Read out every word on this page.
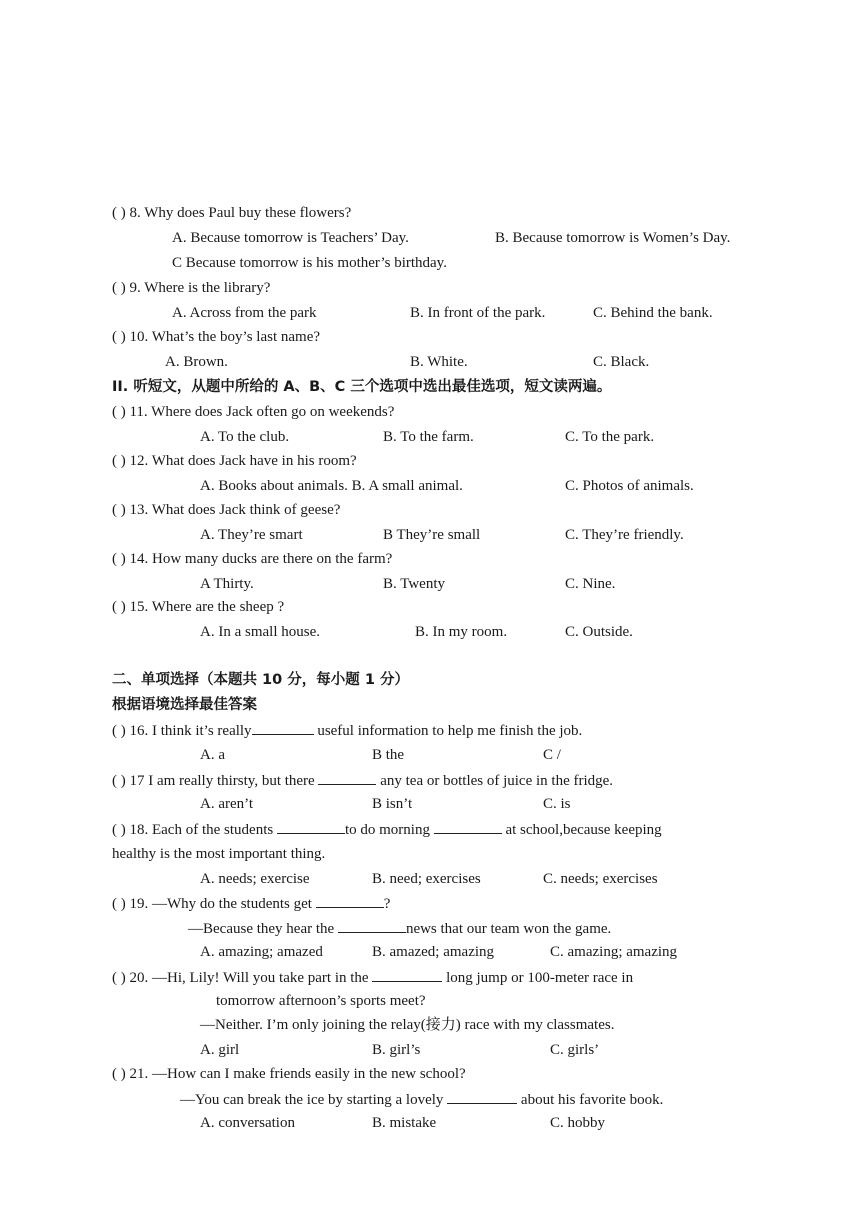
( ) 8. Why does Paul buy these flowers?
A. Because tomorrow is Teachers’ Day.	B. Because tomorrow is Women’s Day.
C Because tomorrow is his mother’s birthday.
( ) 9. Where is the library?
A. Across from the park	B. In front of the park.	C. Behind the bank.
( ) 10. What’s the boy’s last name?
A. Brown.	B. White.	C. Black.
II. 听短文，从题中所给的 A、B、C 三个选项中选出最佳选项，短文读两遍。
( ) 11. Where does Jack often go on weekends?
A. To the club.	B. To the farm.	C. To the park.
( ) 12. What does Jack have in his room?
A. Books about animals. B. A small animal.	C. Photos of animals.
( ) 13. What does Jack think of geese?
A. They’re smart	B They’re small	C. They’re friendly.
( ) 14. How many ducks are there on the farm?
A Thirty.	B. Twenty	C. Nine.
( ) 15. Where are the sheep ?
A. In a small house.	B. In my room.	C. Outside.
二、单项选择（本题共 10 分，每小题 1 分）
根据语境选择最佳答案
( ) 16. I think it’s really	useful information to help me finish the job.
A. a	B the	C /
( ) 17 I am really thirsty, but there	any tea or bottles of juice in the fridge.
A. aren’t	B isn’t	C. is
( ) 18. Each of the students	to do morning	at school,because keeping
healthy is the most important thing.
A. needs; exercise	B. need; exercises	C. needs; exercises
( ) 19. —Why do the students get	?
—Because they hear the	news that our team won the game.
A. amazing; amazed	B. amazed; amazing	C. amazing; amazing
( ) 20. —Hi, Lily! Will you take part in the	long jump or 100-meter race in
tomorrow afternoon’s sports meet?
—Neither. I’m only joining the relay(接力) race with my classmates.
A. girl	B. girl’s	C. girls’
( ) 21. —How can I make friends easily in the new school?
—You can break the ice by starting a lovely	about his favorite book.
A. conversation	B. mistake	C. hobby
